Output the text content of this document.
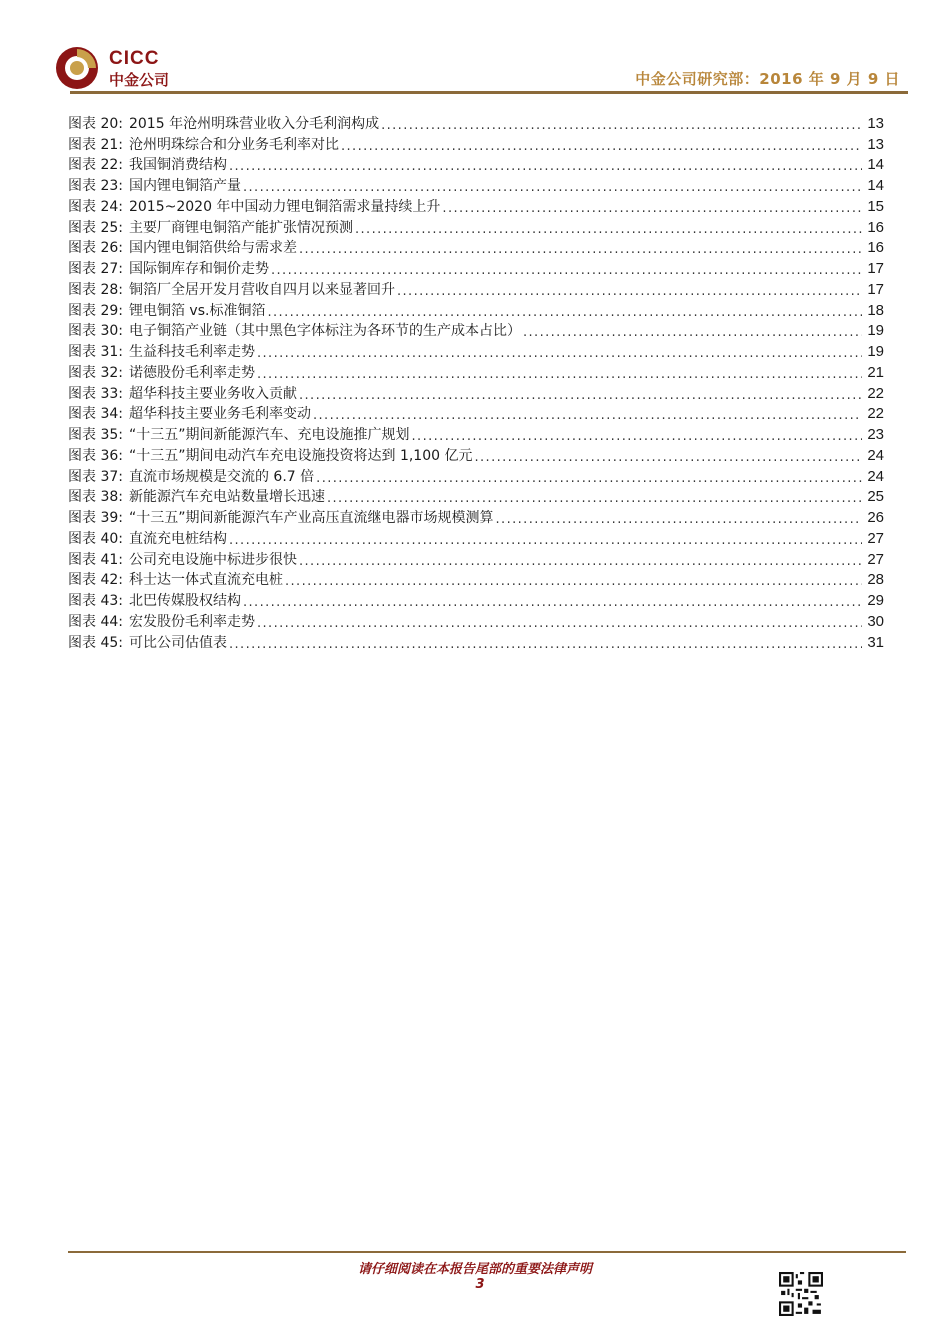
CICC
中金公司	中金公司研究部：2016 年 9 月 9 日
图表 20: 2015 年沧州明珠营业收入分毛利润构成 .....	13
图表 21: 沧州明珠综合和分业务毛利率对比 .....	13
图表 22: 我国铜消费结构 .....	14
图表 23: 国内锂电铜箔产量 .....	14
图表 24: 2015~2020 年中国动力锂电铜箔需求量持续上升 .....	15
图表 25: 主要厂商锂电铜箔产能扩张情况预测 .....	16
图表 26: 国内锂电铜箔供给与需求差 .....	16
图表 27: 国际铜库存和铜价走势 .....	17
图表 28: 铜箔厂全居开发月营收自四月以来显著回升 .....	17
图表 29: 锂电铜箔 vs.标准铜箔 .....	18
图表 30: 电子铜箔产业链（其中黑色字体标注为各环节的生产成本占比） .....	19
图表 31: 生益科技毛利率走势 .....	19
图表 32: 诺德股份毛利率走势 .....	21
图表 33: 超华科技主要业务收入贡献 .....	22
图表 34: 超华科技主要业务毛利率变动 .....	22
图表 35: “十三五”期间新能源汽车、充电设施推广规划 .....	23
图表 36: “十三五”期间电动汽车充电设施投资将达到 1,100 亿元 .....	24
图表 37: 直流市场规模是交流的 6.7 倍 .....	24
图表 38: 新能源汽车充电站数量增长迅速 .....	25
图表 39: “十三五”期间新能源汽车产业高压直流继电器市场规模测算 .....	26
图表 40: 直流充电桩结构 .....	27
图表 41: 公司充电设施中标进步很快 .....	27
图表 42: 科士达一体式直流充电桩 .....	28
图表 43: 北巴传媒股权结构 .....	29
图表 44: 宏发股份毛利率走势 .....	30
图表 45: 可比公司估值表 .....	31
请仔细阅读在本报告尾部的重要法律声明
3
